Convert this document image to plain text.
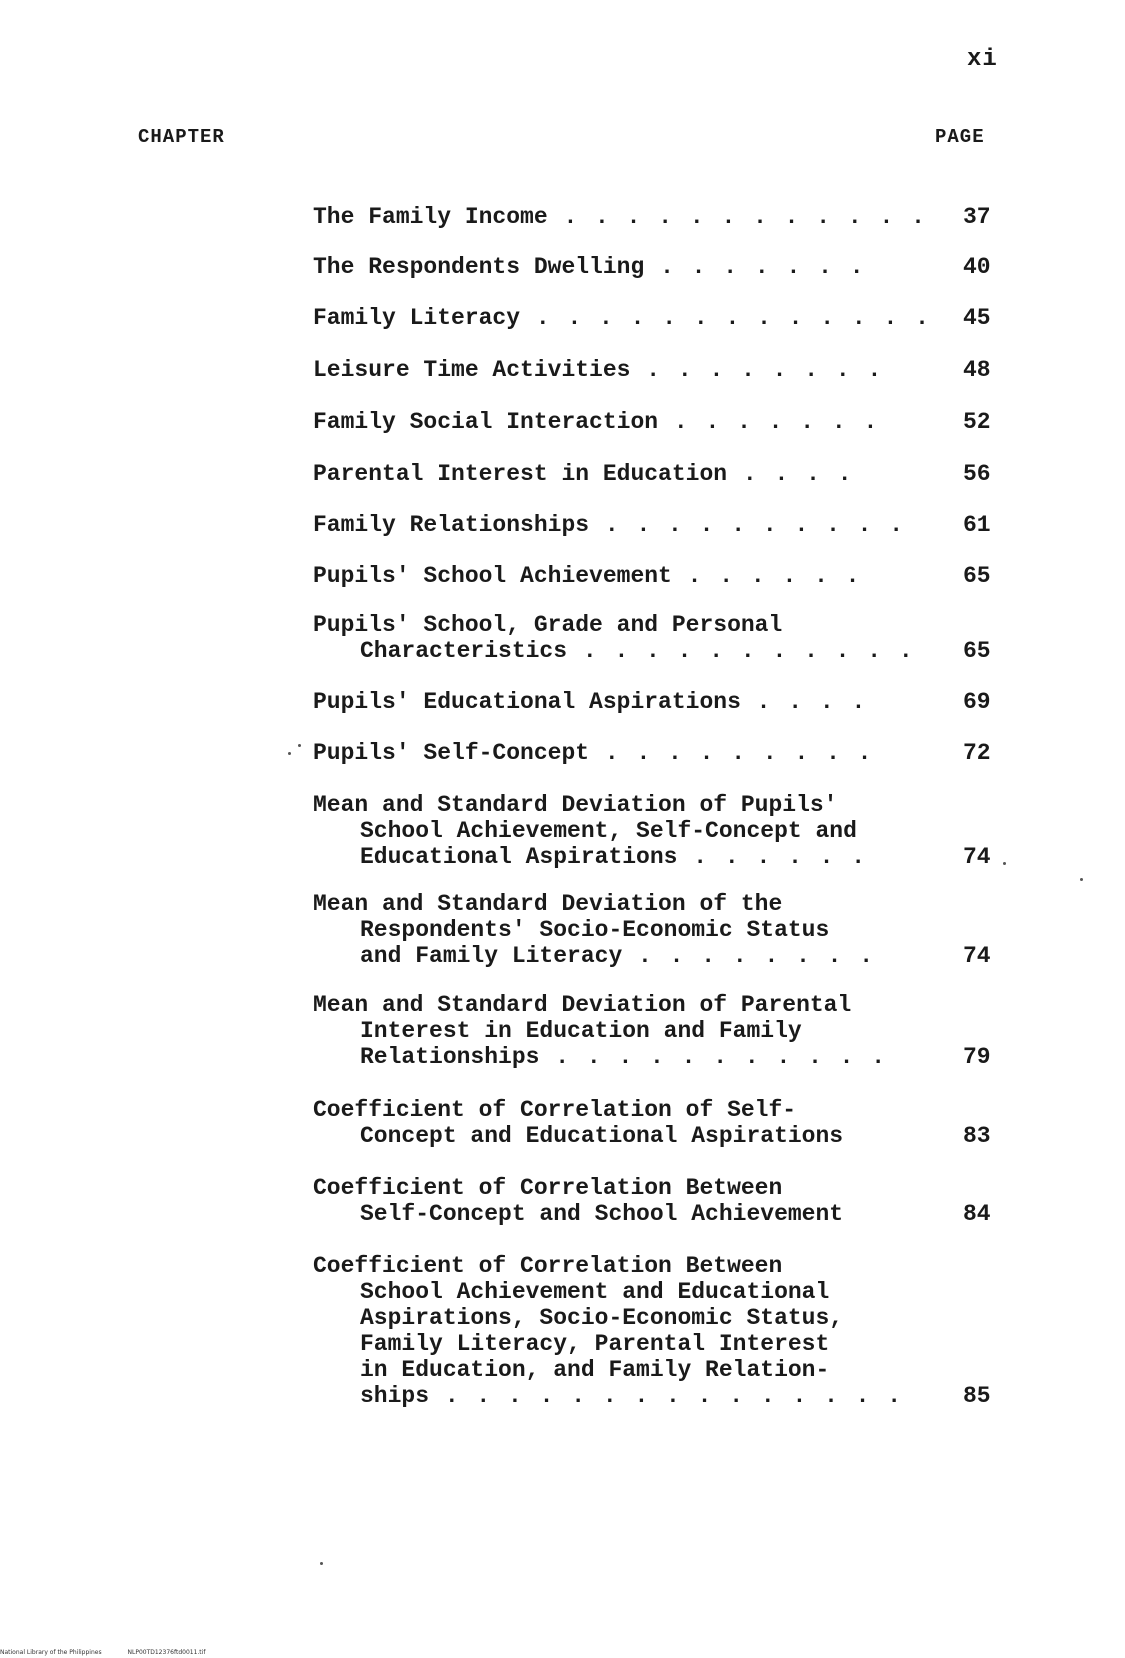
xi
CHAPTER	PAGE
The Family Income . . . . . . . . . . . . 37
The Respondents Dwelling . . . . . . .	40
Family Literacy . . . . . . . . . . . . . 45
Leisure Time Activities . . . . . . . .	48
Family Social Interaction . . . . . . .	52
Parental Interest in Education . . . .	56
Family Relationships . . . . . . . . . .	61
Pupils' School Achievement . . . . . .	65
Pupils' School, Grade and Personal
Characteristics . . . . . . . . . . . 65
Pupils' Educational Aspirations . . . .	69
Pupils' Self-Concept . . . . . . . . .	72
Mean and Standard Deviation of Pupils'
School Achievement, Self-Concept and
Educational Aspirations . . . . . .	74
Mean and Standard Deviation of the
Respondents' Socio-Economic Status
and Family Literacy . . . . . . . .	74
Mean and Standard Deviation of Parental
Interest in Education and Family
Relationships . . . . . . . . . . .	79
Coefficient of Correlation of Self-
Concept and Educational Aspirations	83
Coefficient of Correlation Between
Self-Concept and School Achievement	84
Coefficient of Correlation Between
School Achievement and Educational
Aspirations, Socio-Economic Status,
Family Literacy, Parental Interest
in Education, and Family Relation-
ships . . . . . . . . . . . . . . .	85
National Library of the Philippines	NLP00TD12376ftd0011.tif
